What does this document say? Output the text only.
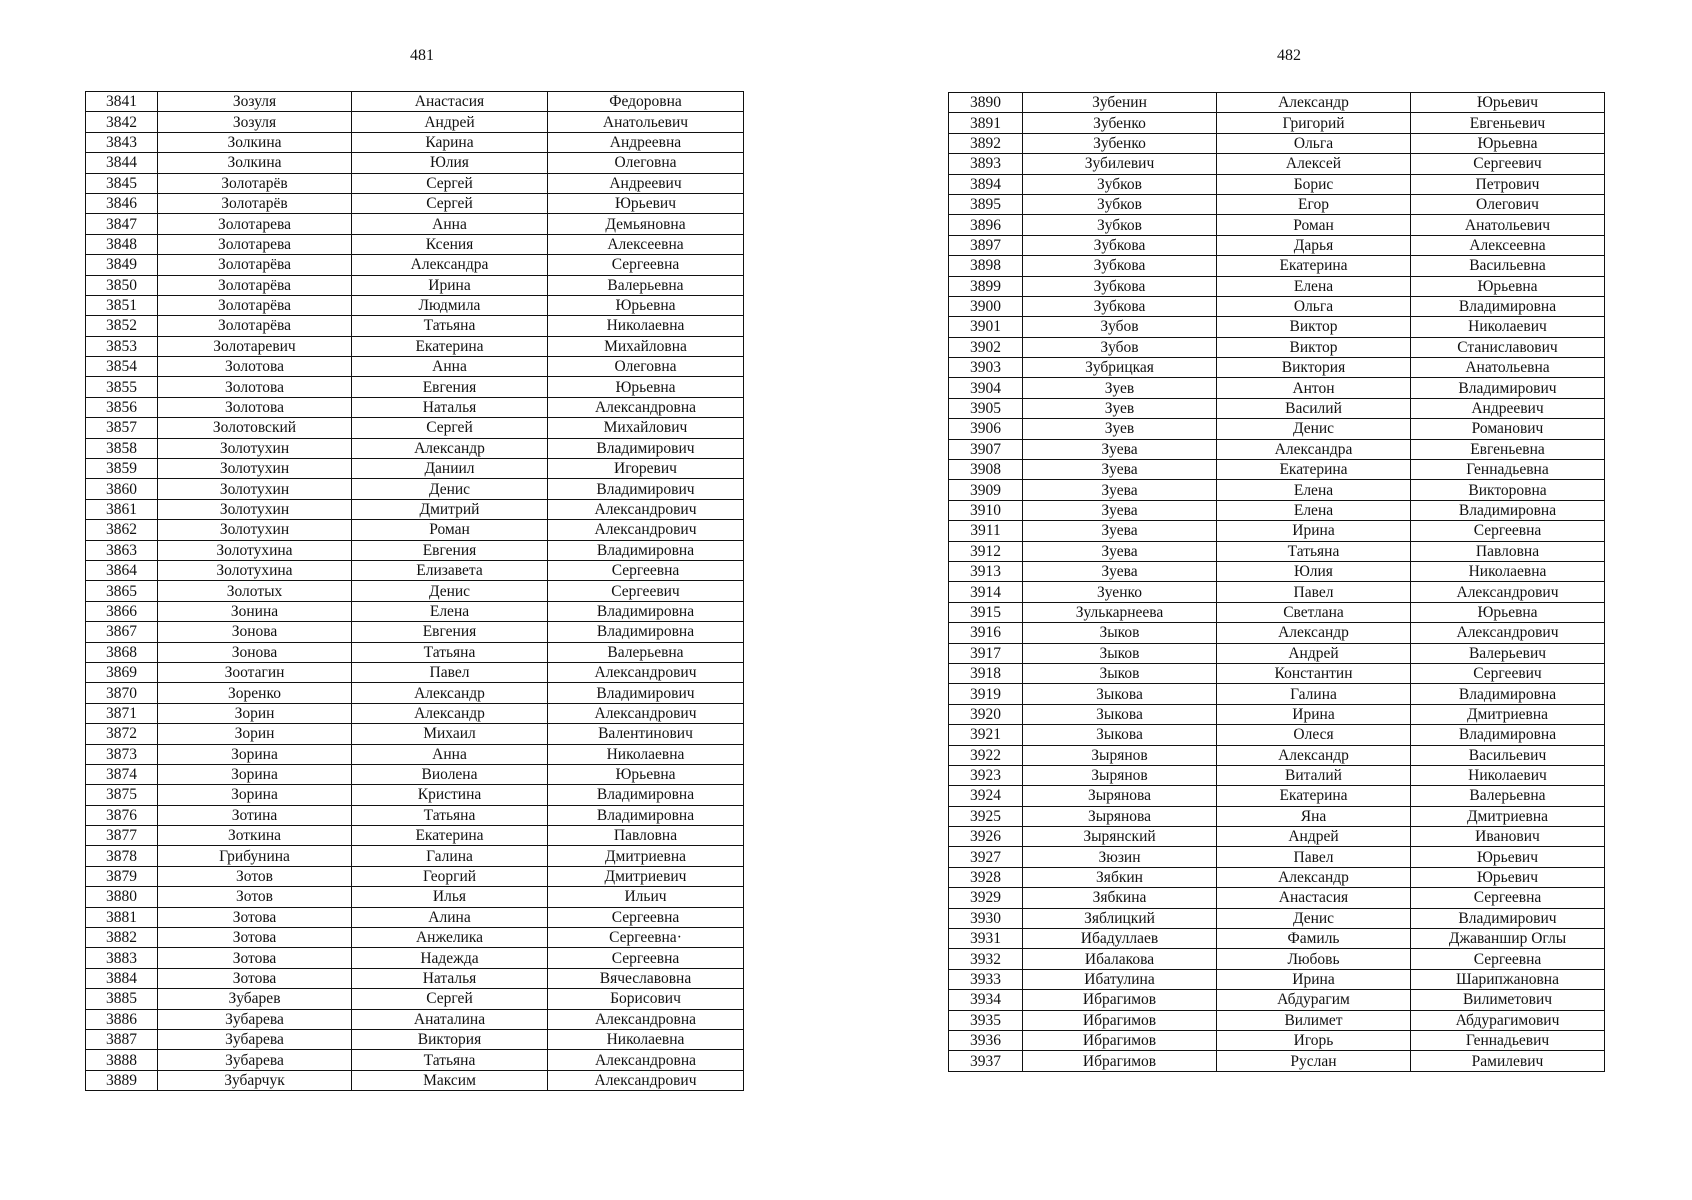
481	482
3841	Зозуля	Анастасия	Федоровна
3842	Зозуля	Андрей	Анатольевич
3843	Золкина	Карина	Андреевна
3844	Золкина	Юлия	Олеговна
3845	Золотарёв	Сергей	Андреевич
3846	Золотарёв	Сергей	Юрьевич
3847	Золотарева	Анна	Демьяновна
3848	Золотарева	Ксения	Алексеевна
3849	Золотарёва	Александра	Сергеевна
3850	Золотарёва	Ирина	Валерьевна
3851	Золотарёва	Людмила	Юрьевна
3852	Золотарёва	Татьяна	Николаевна
3853	Золотаревич	Екатерина	Михайловна
3854	Золотова	Анна	Олеговна
3855	Золотова	Евгения	Юрьевна
3856	Золотова	Наталья	Александровна
3857	Золотовский	Сергей	Михайлович
3858	Золотухин	Александр	Владимирович
3859	Золотухин	Даниил	Игоревич
3860	Золотухин	Денис	Владимирович
3861	Золотухин	Дмитрий	Александрович
3862	Золотухин	Роман	Александрович
3863	Золотухина	Евгения	Владимировна
3864	Золотухина	Елизавета	Сергеевна
3865	Золотых	Денис	Сергеевич
3866	Зонина	Елена	Владимировна
3867	Зонова	Евгения	Владимировна
3868	Зонова	Татьяна	Валерьевна
3869	Зоотагин	Павел	Александрович
3870	Зоренко	Александр	Владимирович
3871	Зорин	Александр	Александрович
3872	Зорин	Михаил	Валентинович
3873	Зорина	Анна	Николаевна
3874	Зорина	Виолена	Юрьевна
3875	Зорина	Кристина	Владимировна
3876	Зотина	Татьяна	Владимировна
3877	Зоткина	Екатерина	Павловна
3878	Грибунина	Галина	Дмитриевна
3879	Зотов	Георгий	Дмитриевич
3880	Зотов	Илья	Ильич
3881	Зотова	Алина	Сергеевна
3882	Зотова	Анжелика	Сергеевна·
3883	Зотова	Надежда	Сергеевна
3884	Зотова	Наталья	Вячеславовна
3885	Зубарев	Сергей	Борисович
3886	Зубарева	Анаталина	Александровна
3887	Зубарева	Виктория	Николаевна
3888	Зубарева	Татьяна	Александровна
3889	Зубарчук	Максим	Александрович
3890	Зубенин	Александр	Юрьевич
3891	Зубенко	Григорий	Евгеньевич
3892	Зубенко	Ольга	Юрьевна
3893	Зубилевич	Алексей	Сергеевич
3894	Зубков	Борис	Петрович
3895	Зубков	Егор	Олегович
3896	Зубков	Роман	Анатольевич
3897	Зубкова	Дарья	Алексеевна
3898	Зубкова	Екатерина	Васильевна
3899	Зубкова	Елена	Юрьевна
3900	Зубкова	Ольга	Владимировна
3901	Зубов	Виктор	Николаевич
3902	Зубов	Виктор	Станиславович
3903	Зубрицкая	Виктория	Анатольевна
3904	Зуев	Антон	Владимирович
3905	Зуев	Василий	Андреевич
3906	Зуев	Денис	Романович
3907	Зуева	Александра	Евгеньевна
3908	Зуева	Екатерина	Геннадьевна
3909	Зуева	Елена	Викторовна
3910	Зуева	Елена	Владимировна
3911	Зуева	Ирина	Сергеевна
3912	Зуева	Татьяна	Павловна
3913	Зуева	Юлия	Николаевна
3914	Зуенко	Павел	Александрович
3915	Зулькарнеева	Светлана	Юрьевна
3916	Зыков	Александр	Александрович
3917	Зыков	Андрей	Валерьевич
3918	Зыков	Константин	Сергеевич
3919	Зыкова	Галина	Владимировна
3920	Зыкова	Ирина	Дмитриевна
3921	Зыкова	Олеся	Владимировна
3922	Зырянов	Александр	Васильевич
3923	Зырянов	Виталий	Николаевич
3924	Зырянова	Екатерина	Валерьевна
3925	Зырянова	Яна	Дмитриевна
3926	Зырянский	Андрей	Иванович
3927	Зюзин	Павел	Юрьевич
3928	Зябкин	Александр	Юрьевич
3929	Зябкина	Анастасия	Сергеевна
3930	Зяблицкий	Денис	Владимирович
3931	Ибадуллаев	Фамиль	Джаваншир Оглы
3932	Ибалакова	Любовь	Сергеевна
3933	Ибатулина	Ирина	Шарипжановна
3934	Ибрагимов	Абдурагим	Вилиметович
3935	Ибрагимов	Вилимет	Абдурагимович
3936	Ибрагимов	Игорь	Геннадьевич
3937	Ибрагимов	Руслан	Рамилевич
